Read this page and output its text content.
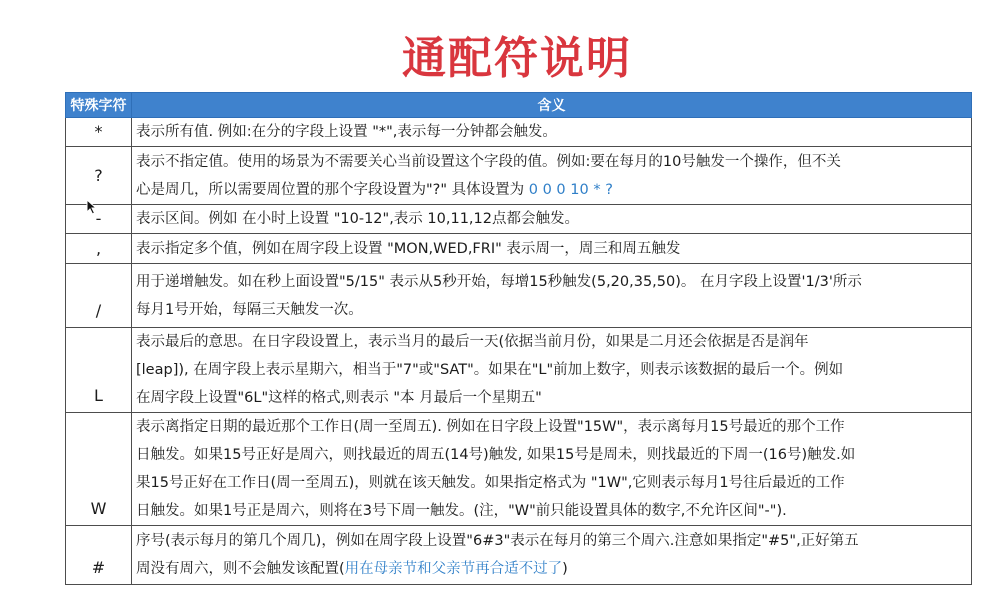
通配符说明
特殊字符	含义
*	表示所有值. 例如:在分的字段上设置 "*",表示每一分钟都会触发。
?	表示不指定值。使用的场景为不需要关心当前设置这个字段的值。例如:要在每月的10号触发一个操作，但不关
心是周几，所以需要周位置的那个字段设置为"?" 具体设置为 0 0 0 10 * ?
-	表示区间。例如 在小时上设置 "10-12",表示 10,11,12点都会触发。
,	表示指定多个值，例如在周字段上设置 "MON,WED,FRI" 表示周一，周三和周五触发
/	用于递增触发。如在秒上面设置"5/15" 表示从5秒开始，每增15秒触发(5,20,35,50)。 在月字段上设置'1/3'所示
每月1号开始，每隔三天触发一次。
L	表示最后的意思。在日字段设置上，表示当月的最后一天(依据当前月份，如果是二月还会依据是否是润年
[leap]), 在周字段上表示星期六，相当于"7"或"SAT"。如果在"L"前加上数字，则表示该数据的最后一个。例如
在周字段上设置"6L"这样的格式,则表示 "本 月最后一个星期五"
W	表示离指定日期的最近那个工作日(周一至周五). 例如在日字段上设置"15W"，表示离每月15号最近的那个工作
日触发。如果15号正好是周六，则找最近的周五(14号)触发, 如果15号是周未，则找最近的下周一(16号)触发.如
果15号正好在工作日(周一至周五)，则就在该天触发。如果指定格式为 "1W",它则表示每月1号往后最近的工作
日触发。如果1号正是周六，则将在3号下周一触发。(注，"W"前只能设置具体的数字,不允许区间"-").
#	序号(表示每月的第几个周几)，例如在周字段上设置"6#3"表示在每月的第三个周六.注意如果指定"#5",正好第五
周没有周六，则不会触发该配置(用在母亲节和父亲节再合适不过了)
